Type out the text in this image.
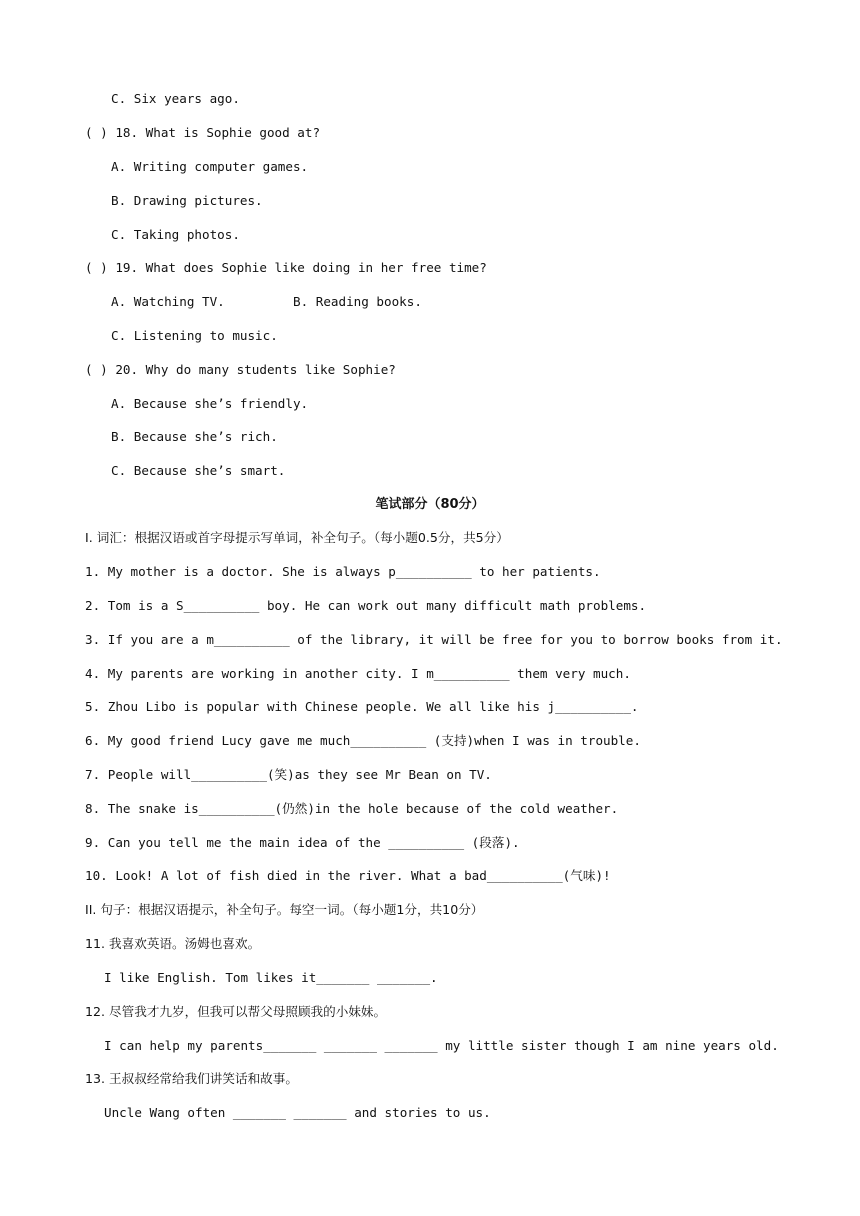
C. Six years ago.
( ) 18. What is Sophie good at?
A. Writing computer games.
B. Drawing pictures.
C. Taking photos.
( ) 19. What does Sophie like doing in her free time?
A. Watching TV.	B. Reading books.
C. Listening to music.
( ) 20. Why do many students like Sophie?
A. Because she’s friendly.
B. Because she’s rich.
C. Because she’s smart.
笔试部分（80分）
I. 词汇：根据汉语或首字母提示写单词，补全句子。（每小题0.5分，共5分）
1. My mother is a doctor. She is always p__________ to her patients.
2. Tom is a S__________ boy. He can work out many difficult math problems.
3. If you are a m__________ of the library, it will be free for you to borrow books from it.
4. My parents are working in another city. I m__________ them very much.
5. Zhou Libo is popular with Chinese people. We all like his j__________.
6. My good friend Lucy gave me much__________ (支持)when I was in trouble.
7. People will__________(笑)as they see Mr Bean on TV.
8. The snake is__________(仍然)in the hole because of the cold weather.
9. Can you tell me the main idea of the __________ (段落).
10. Look! A lot of fish died in the river. What a bad__________(气味)!
II. 句子：根据汉语提示，补全句子。每空一词。（每小题1分，共10分）
11. 我喜欢英语。汤姆也喜欢。
I like English. Tom likes it_______ _______.
12. 尽管我才九岁，但我可以帮父母照顾我的小妹妹。
I can help my parents_______ _______ _______ my little sister though I am nine years old.
13. 王叔叔经常给我们讲笑话和故事。
Uncle Wang often _______ _______ and stories to us.
